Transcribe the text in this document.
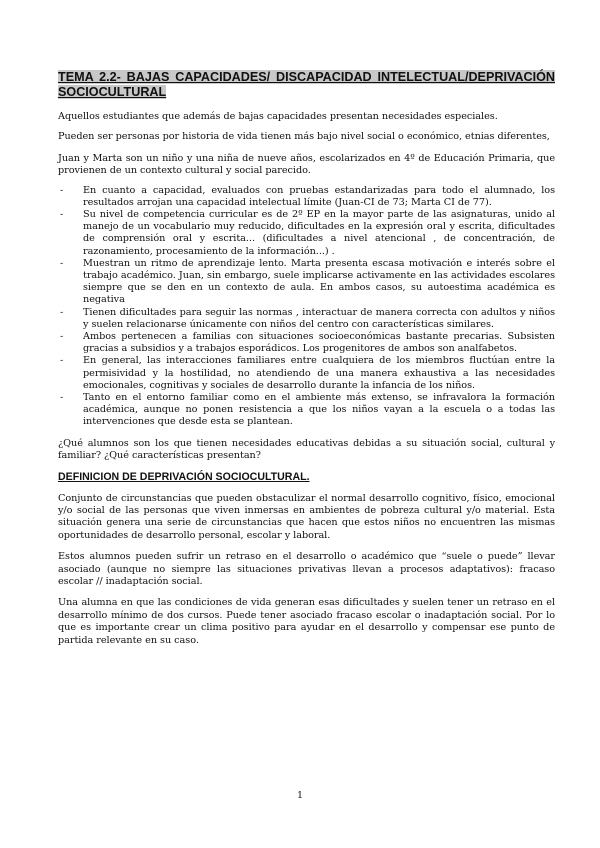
TEMA 2.2- BAJAS CAPACIDADES/ DISCAPACIDAD INTELECTUAL/DEPRIVACIÓN SOCIOCULTURAL

Aquellos estudiantes que además de bajas capacidades presentan necesidades especiales.

Pueden ser personas por historia de vida tienen más bajo nivel social o económico, etnias diferentes,

Juan y Marta son un niño y una niña de nueve años, escolarizados en 4º de Educación Primaria, que provienen de un contexto cultural y social parecido.

- En cuanto a capacidad, evaluados con pruebas estandarizadas para todo el alumnado, los resultados arrojan una capacidad intelectual límite (Juan-CI de 73; Marta CI de 77).
- Su nivel de competencia curricular es de 2º EP en la mayor parte de las asignaturas, unido al manejo de un vocabulario muy reducido, dificultades en la expresión oral y escrita, dificultades de comprensión oral y escrita... (dificultades a nivel atencional , de concentración, de razonamiento, procesamiento de la información...) .
- Muestran un ritmo de aprendizaje lento. Marta presenta escasa motivación e interés sobre el trabajo académico. Juan, sin embargo, suele implicarse activamente en las actividades escolares siempre que se den en un contexto de aula. En ambos casos, su autoestima académica es negativa
- Tienen dificultades para seguir las normas , interactuar de manera correcta con adultos y niños y suelen relacionarse únicamente con niños del centro con características similares.
- Ambos pertenecen a familias con situaciones socioeconómicas bastante precarias. Subsisten gracias a subsidios y a trabajos esporádicos. Los progenitores de ambos son analfabetos.
- En general, las interacciones familiares entre cualquiera de los miembros fluctúan entre la permisividad y la hostilidad, no atendiendo de una manera exhaustiva a las necesidades emocionales, cognitivas y sociales de desarrollo durante la infancia de los niños.
- Tanto en el entorno familiar como en el ambiente más extenso, se infravalora la formación académica, aunque no ponen resistencia a que los niños vayan a la escuela o a todas las intervenciones que desde esta se plantean.

¿Qué alumnos son los que tienen necesidades educativas debidas a su situación social, cultural y familiar? ¿Qué características presentan?

DEFINICION DE DEPRIVACIÓN SOCIOCULTURAL.

Conjunto de circunstancias que pueden obstaculizar el normal desarrollo cognitivo, físico, emocional y/o social de las personas que viven inmersas en ambientes de pobreza cultural y/o material. Esta situación genera una serie de circunstancias que hacen que estos niños no encuentren las mismas oportunidades de desarrollo personal, escolar y laboral.

Estos alumnos pueden sufrir un retraso en el desarrollo o académico que “suele o puede” llevar asociado (aunque no siempre las situaciones privativas llevan a procesos adaptativos): fracaso escolar // inadaptación social.

Una alumna en que las condiciones de vida generan esas dificultades y suelen tener un retraso en el desarrollo mínimo de dos cursos. Puede tener asociado fracaso escolar o inadaptación social. Por lo que es importante crear un clima positivo para ayudar en el desarrollo y compensar ese punto de partida relevante en su caso.

1
